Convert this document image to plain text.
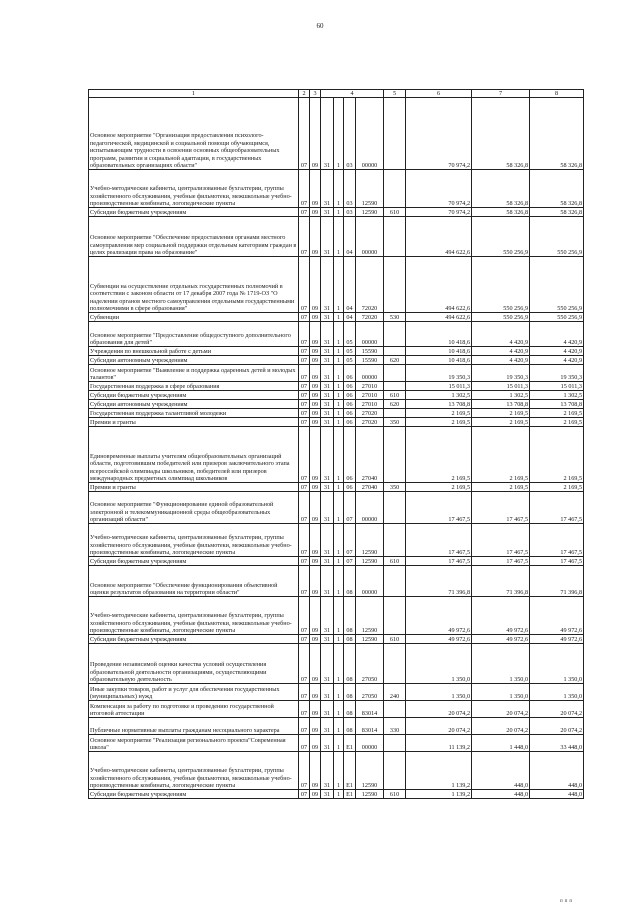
60
1	2	3	4				5	6	7	8
Основное мероприятие "Организация предоставления психолого-педагогической, медицинской и социальной помощи обучающимся, испытывающим трудности в освоении основных общеобразовательных программ, развитии и социальной адаптации, в государственных образовательных организациях области"	07	09	31	1	03	00000		70 974,2	58 326,8	58 326,8
Учебно-методические кабинеты, централизованные бухгалтерии, группы хозяйственного обслуживания, учебные фильмотеки, межшкольные учебно-производственные комбинаты, логопедические пункты	07	09	31	1	03	12590		70 974,2	58 326,8	58 326,8
Субсидии бюджетным учреждениям	07	09	31	1	03	12590	610	70 974,2	58 326,8	58 326,8
Основное мероприятие "Обеспечение предоставления органами местного самоуправления мер социальной поддержки отдельным категориям граждан в целях реализации права на образование"	07	09	31	1	04	00000		494 622,6	550 256,9	550 256,9
Субвенции на осуществление отдельных государственных полномочий в соответствии с законом области от 17 декабря 2007 года № 1719-ОЗ "О наделении органов местного самоуправления отдельными государственными полномочиями в сфере образования"	07	09	31	1	04	72020		494 622,6	550 256,9	550 256,9
Субвенции	07	09	31	1	04	72020	530	494 622,6	550 256,9	550 256,9
Основное мероприятие "Предоставление общедоступного дополнительного образования для детей"	07	09	31	1	05	00000		10 418,6	4 420,9	4 420,9
Учреждения по внешкольной работе с детьми	07	09	31	1	05	15590		10 418,6	4 420,9	4 420,9
Субсидии автономным учреждениям	07	09	31	1	05	15590	620	10 418,6	4 420,9	4 420,9
Основное мероприятие "Выявление и поддержка одаренных детей и молодых талантов"	07	09	31	1	06	00000		19 350,3	19 350,3	19 350,3
Государственная поддержка в сфере образования	07	09	31	1	06	27010		15 011,3	15 011,3	15 011,3
Субсидии бюджетным учреждениям	07	09	31	1	06	27010	610	1 302,5	1 302,5	1 302,5
Субсидии автономным учреждениям	07	09	31	1	06	27010	620	13 708,8	13 708,8	13 708,8
Государственная поддержка талантливой молодежи	07	09	31	1	06	27020		2 169,5	2 169,5	2 169,5
Премии и гранты	07	09	31	1	06	27020	350	2 169,5	2 169,5	2 169,5
Единовременные выплаты учителям общеобразовательных организаций области, подготовившим победителей или призеров заключительного этапа всероссийской олимпиады школьников, победителей или призеров международных предметных олимпиад школьников	07	09	31	1	06	27040		2 169,5	2 169,5	2 169,5
Премии и гранты	07	09	31	1	06	27040	350	2 169,5	2 169,5	2 169,5
Основное мероприятие "Функционирование единой образовательной электронной и телекоммуникационной среды общеобразовательных организаций области"	07	09	31	1	07	00000		17 467,5	17 467,5	17 467,5
Учебно-методические кабинеты, централизованные бухгалтерии, группы хозяйственного обслуживания, учебные фильмотеки, межшкольные учебно-производственные комбинаты, логопедические пункты	07	09	31	1	07	12590		17 467,5	17 467,5	17 467,5
Субсидии бюджетным учреждениям	07	09	31	1	07	12590	610	17 467,5	17 467,5	17 467,5
Основное мероприятие "Обеспечение функционирования объективной оценки результатов образования на территории области"	07	09	31	1	08	00000		71 396,8	71 396,8	71 396,8
Учебно-методические кабинеты, централизованные бухгалтерии, группы хозяйственного обслуживания, учебные фильмотеки, межшкольные учебно-производственные комбинаты, логопедические пункты	07	09	31	1	08	12590		49 972,6	49 972,6	49 972,6
Субсидии бюджетным учреждениям	07	09	31	1	08	12590	610	49 972,6	49 972,6	49 972,6
Проведение независимой оценки качества условий осуществления образовательной деятельности организациями, осуществляющими образовательную деятельность	07	09	31	1	08	27050		1 350,0	1 350,0	1 350,0
Иные закупки товаров, работ и услуг для обеспечения государственных (муниципальных) нужд	07	09	31	1	08	27050	240	1 350,0	1 350,0	1 350,0
Компенсация за работу по подготовке и проведению государственной итоговой аттестации	07	09	31	1	08	83014		20 074,2	20 074,2	20 074,2
Публичные нормативные выплаты гражданам несоциального характера	07	09	31	1	08	83014	330	20 074,2	20 074,2	20 074,2
Основное мероприятие "Реализация регионального проекта"Современная школа"	07	09	31	1	Е1	00000		11 139,2	1 448,0	33 448,0
Учебно-методические кабинеты, централизованные бухгалтерии, группы хозяйственного обслуживания, учебные фильмотеки, межшкольные учебно-производственные комбинаты, логопедические пункты	07	09	31	1	Е1	12590		1 139,2	448,0	448,0
Субсидии бюджетным учреждениям	07	09	31	1	Е1	12590	610	1 139,2	448,0	448,0
ппп
